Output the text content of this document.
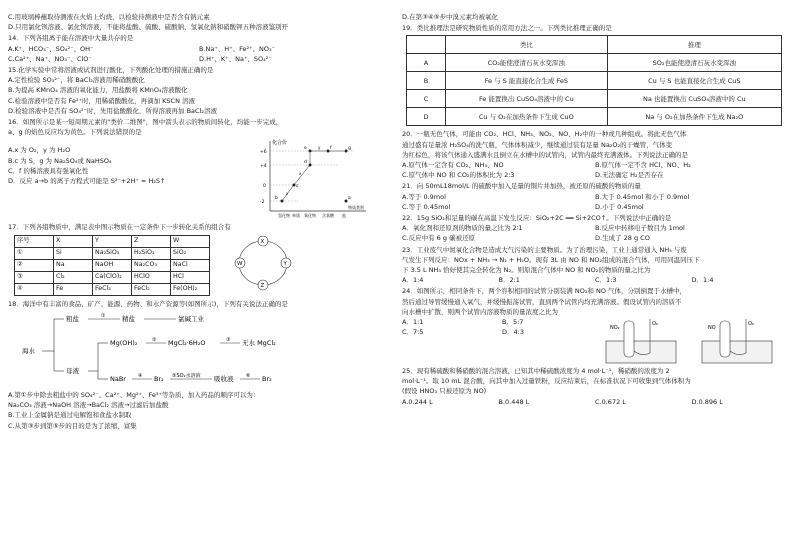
C.用玻璃棒蘸取待测液在火焰上灼烧，以检验待测液中是否含有钠元素
D.只用氯化钡溶液、氯化钡溶液，不能将盐酸、硫酸、硫酸钠、氢氧化钠和硝酸钾五种溶液鉴别开
14．下列各组离子能在溶液中大量共存的是
A.K⁺、HCO₃⁻、SO₄²⁻、OH⁻	B.Na⁺、H⁺、Fe²⁺、NO₃⁻
C.Ca²⁺、Na⁺、NO₃⁻、ClO⁻	D.H⁺、K⁺、Na⁺、SO₄²⁻
15.化学实验中常将溶液或试剂进行酸化，下列酸化处理的措施正确的是
A.定性检验 SO₃²⁻，将 BaCl₂溶液用稀硝酸酸化
B.为提高 KMnO₄ 溶液的氧化能力，用盐酸将 KMnO₄溶液酸化
C.检验溶液中是否有 Fe²⁺时，用稀硝酸酸化，再滴加 KSCN 溶液
D.检验溶液中是否有 SO₄²⁻时，先用盐酸酸化，所得溶液再加 BaCl₂溶液
16．如图所示是某一短周期元素的"类价二维图"，图中箭头表示的物质间转化，均能一步完成，
a、g 的焰色反应均为黄色。下列说法错误的是
A.x 为 O₂，y 为 H₂O
B.c 为 S，g 为 Na₂SO₄或 NaHSO₄
C．f 的稀溶液具有强氧化性
D．反应 a→b 的离子方程式可能是 S²⁻+2H⁺ = H₂S↑
化合价
+6
+4
0
-2
b
c
d
e	f	g
a
x
x
y
氢化物 单质 氧化物 含氧酸 盐
物质类别
17．下列各组物质中，满足表中图示物质在一定条件下一步转化关系的组合有
序号	X	Y	Z	W
①	Si	Na₂SiO₃	H₂SiO₃	SiO₂
②	Na	NaOH	Na₂CO₃	NaCl
③	Cl₂	Ca(ClO)₂	HClO	HCl
④	Fe	FeCl₃	FeCl₂	Fe(OH)₂
X
Y
Z
W
18．海洋中有丰富的食品、矿产、能源、药物、和水产资源等(如图所示)，下列有关说法正确的是
海水
粗盐	①	精盐	氯碱工业
母液
Mg(OH)₂	② MgCl₂·6H₂O	③ 无水 MgCl₂
NaBr ④ Br₂ ⑤SO₂水溶液 吸收液	⑥ Br₂
A.第①步中除去粗盐中的 SO₄²⁻、Ca²⁺、Mg²⁺、Fe³⁺等杂质，加入药品的顺序可以为：
Na₂CO₃ 溶液→NaOH 溶液→BaCl₂ 溶液→过滤后加盐酸
B.工业上金属钠是通过电解饱和食盐水制取
C.从第③步到第⑤步的目的是为了浓缩、富集
D.在第③④⑤步中溴元素均被氧化
19．类比推理法是研究物质性质的常用方法之一。下列类比推理正确的是
	类比	推理
A	CO₂能使澄清石灰水变浑浊	SO₂也能使澄清石灰水变浑浊
B	Fe 与 S 能直接化合生成 FeS	Cu 与 S 也能直接化合生成 CuS
C	Fe 能置换出 CuSO₄溶液中的 Cu	Na 也能置换出 CuSO₄溶液中的 Cu
D	Cu 与 O₂在加热条件下生成 CuO	Na 与 O₂在加热条件下生成 Na₂O
20．一瓶无色气体，可能由 CO₂、HCl、NH₃、NO₂、NO、H₂中的一种或几种组成。将此无色气体
通过盛有足量浓 H₂SO₄的洗气瓶，气体体积减少，继续通过装有足量 Na₂O₂的干燥管，气体变
为红棕色，将该气体通入盛满水且倒立在水槽中的试管内，试管内最终充满液体。下列说法正确的是
A.原气体一定含有 CO₂、NH₃、NO	B.原气体一定不含 HCl、NO、H₂
C.原气体中 NO 和 CO₂的体积比为 2:3	D.无法确定 H₂是否存在
21．向 50mL18mol/L 的硫酸中加入足量的铜片并加热，被还原的硫酸的物质的量
A.等于 0.9mol	B.大于 0.45mol 和小于 0.9mol
C.等于 0.45mol	D.小于 0.45mol
22．15g SiO₂和足量的碳在高温下发生反应：SiO₂+2C ══ Si+2CO↑。下列说法中正确的是
A．氧化剂和还原剂的物质的量之比为 2∶1	B.反应中转移电子数目为 1mol
C.反应中有 6 g 碳被还原	D.生成了 28 g CO
23．工业废气中氮氧化合物是造成大气污染的主要物质。为了治理污染，工业上通常通入 NH₃ 与废
气发生下列反应：NOx + NH₃ → N₂ + H₂O。现有 3L 由 NO 和 NO₂组成的混合气体，可用同温同压下
下 3.5 L NH₃ 恰好使其完全转化为 N₂。则原混合气体中 NO 和 NO₂的物质的量之比为
A．1:4	B．2:1	C．1:3	D．1:4
24．如图所示，相同条件下，两个容积相同的试管分别装满 NO₂和 NO 气体，分别倒置于水槽中，
然后通过导管缓慢通入氧气，并缓慢振荡试管，直到两个试管内均充满溶液。假设试管内的溶质不
向水槽中扩散，则两个试管内溶液物质的量浓度之比为
A．1:1	B．5:7
C．7:5	D．4:3
NO₂
O₂
NO
O₂
25．现有稀硫酸和稀硝酸的混合溶液，已知其中稀硫酸浓度为 4 mol·L⁻¹，稀硝酸的浓度为 2
mol·L⁻¹。取 10 mL 混合酸，向其中加入过量铁粉，反应结束后，在标准状况下可收集到气体体积为
(假设 HNO₃ 只被还原为 NO)
A.0.244 L	B.0.448 L	C.0.672 L	D.0.896 L
